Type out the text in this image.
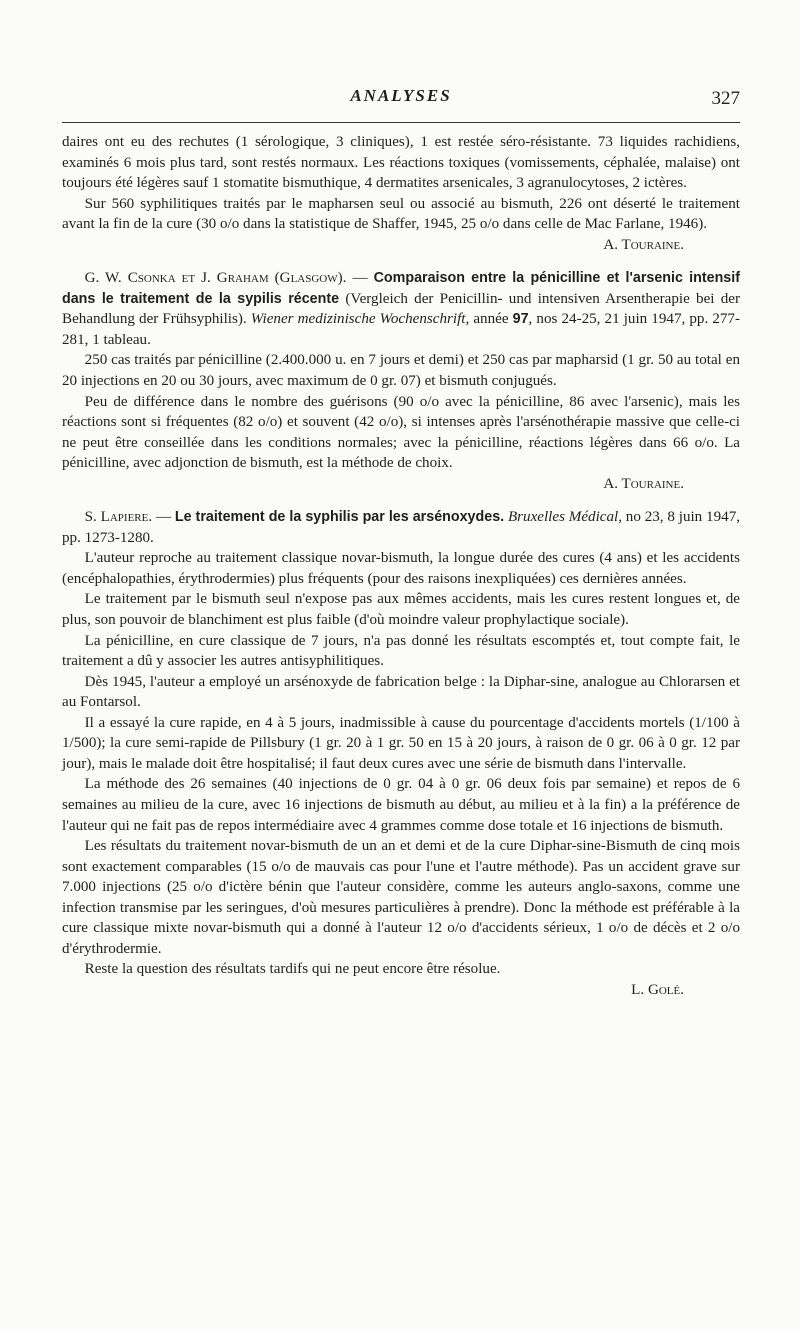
ANALYSES	327

daires ont eu des rechutes (1 sérologique, 3 cliniques), 1 est restée séro-résistante. 73 liquides rachidiens, examinés 6 mois plus tard, sont restés normaux. Les réactions toxiques (vomissements, céphalée, malaise) ont toujours été légères sauf 1 stomatite bismuthique, 4 dermatites arsenicales, 3 agranulocytoses, 2 ictères.

Sur 560 syphilitiques traités par le mapharsen seul ou associé au bismuth, 226 ont déserté le traitement avant la fin de la cure (30 o/o dans la statistique de Shaffer, 1945, 25 o/o dans celle de Mac Farlane, 1946).

A. Touraine.

G. W. Csonka et J. Graham (Glasgow). — Comparaison entre la pénicilline et l'arsenic intensif dans le traitement de la sypilis récente (Vergleich der Penicillin- und intensiven Arsentherapie bei der Behandlung der Frühsyphilis). Wiener medizinische Wochenschrift, année 97, nos 24-25, 21 juin 1947, pp. 277-281, 1 tableau.

250 cas traités par pénicilline (2.400.000 u. en 7 jours et demi) et 250 cas par mapharsid (1 gr. 50 au total en 20 injections en 20 ou 30 jours, avec maximum de 0 gr. 07) et bismuth conjugués.

Peu de différence dans le nombre des guérisons (90 o/o avec la pénicilline, 86 avec l'arsenic), mais les réactions sont si fréquentes (82 o/o) et souvent (42 o/o), si intenses après l'arsénothérapie massive que celle-ci ne peut être conseillée dans les conditions normales; avec la pénicilline, réactions légères dans 66 o/o. La pénicilline, avec adjonction de bismuth, est la méthode de choix.

A. Touraine.

S. Lapiere. — Le traitement de la syphilis par les arsénoxydes. Bruxelles Médical, no 23, 8 juin 1947, pp. 1273-1280.

L'auteur reproche au traitement classique novar-bismuth, la longue durée des cures (4 ans) et les accidents (encéphalopathies, érythrodermies) plus fréquents (pour des raisons inexpliquées) ces dernières années.

Le traitement par le bismuth seul n'expose pas aux mêmes accidents, mais les cures restent longues et, de plus, son pouvoir de blanchiment est plus faible (d'où moindre valeur prophylactique sociale).

La pénicilline, en cure classique de 7 jours, n'a pas donné les résultats escomptés et, tout compte fait, le traitement a dû y associer les autres antisyphilitiques.

Dès 1945, l'auteur a employé un arsénoxyde de fabrication belge : la Diphar-sine, analogue au Chlorarsen et au Fontarsol.

Il a essayé la cure rapide, en 4 à 5 jours, inadmissible à cause du pourcentage d'accidents mortels (1/100 à 1/500); la cure semi-rapide de Pillsbury (1 gr. 20 à 1 gr. 50 en 15 à 20 jours, à raison de 0 gr. 06 à 0 gr. 12 par jour), mais le malade doit être hospitalisé; il faut deux cures avec une série de bismuth dans l'intervalle.

La méthode des 26 semaines (40 injections de 0 gr. 04 à 0 gr. 06 deux fois par semaine) et repos de 6 semaines au milieu de la cure, avec 16 injections de bismuth au début, au milieu et à la fin) a la préférence de l'auteur qui ne fait pas de repos intermédiaire avec 4 grammes comme dose totale et 16 injections de bismuth.

Les résultats du traitement novar-bismuth de un an et demi et de la cure Diphar-sine-Bismuth de cinq mois sont exactement comparables (15 o/o de mauvais cas pour l'une et l'autre méthode). Pas un accident grave sur 7.000 injections (25 o/o d'ictère bénin que l'auteur considère, comme les auteurs anglo-saxons, comme une infection transmise par les seringues, d'où mesures particulières à prendre). Donc la méthode est préférable à la cure classique mixte novar-bismuth qui a donné à l'auteur 12 o/o d'accidents sérieux, 1 o/o de décès et 2 o/o d'érythrodermie.

Reste la question des résultats tardifs qui ne peut encore être résolue.

L. Golé.
